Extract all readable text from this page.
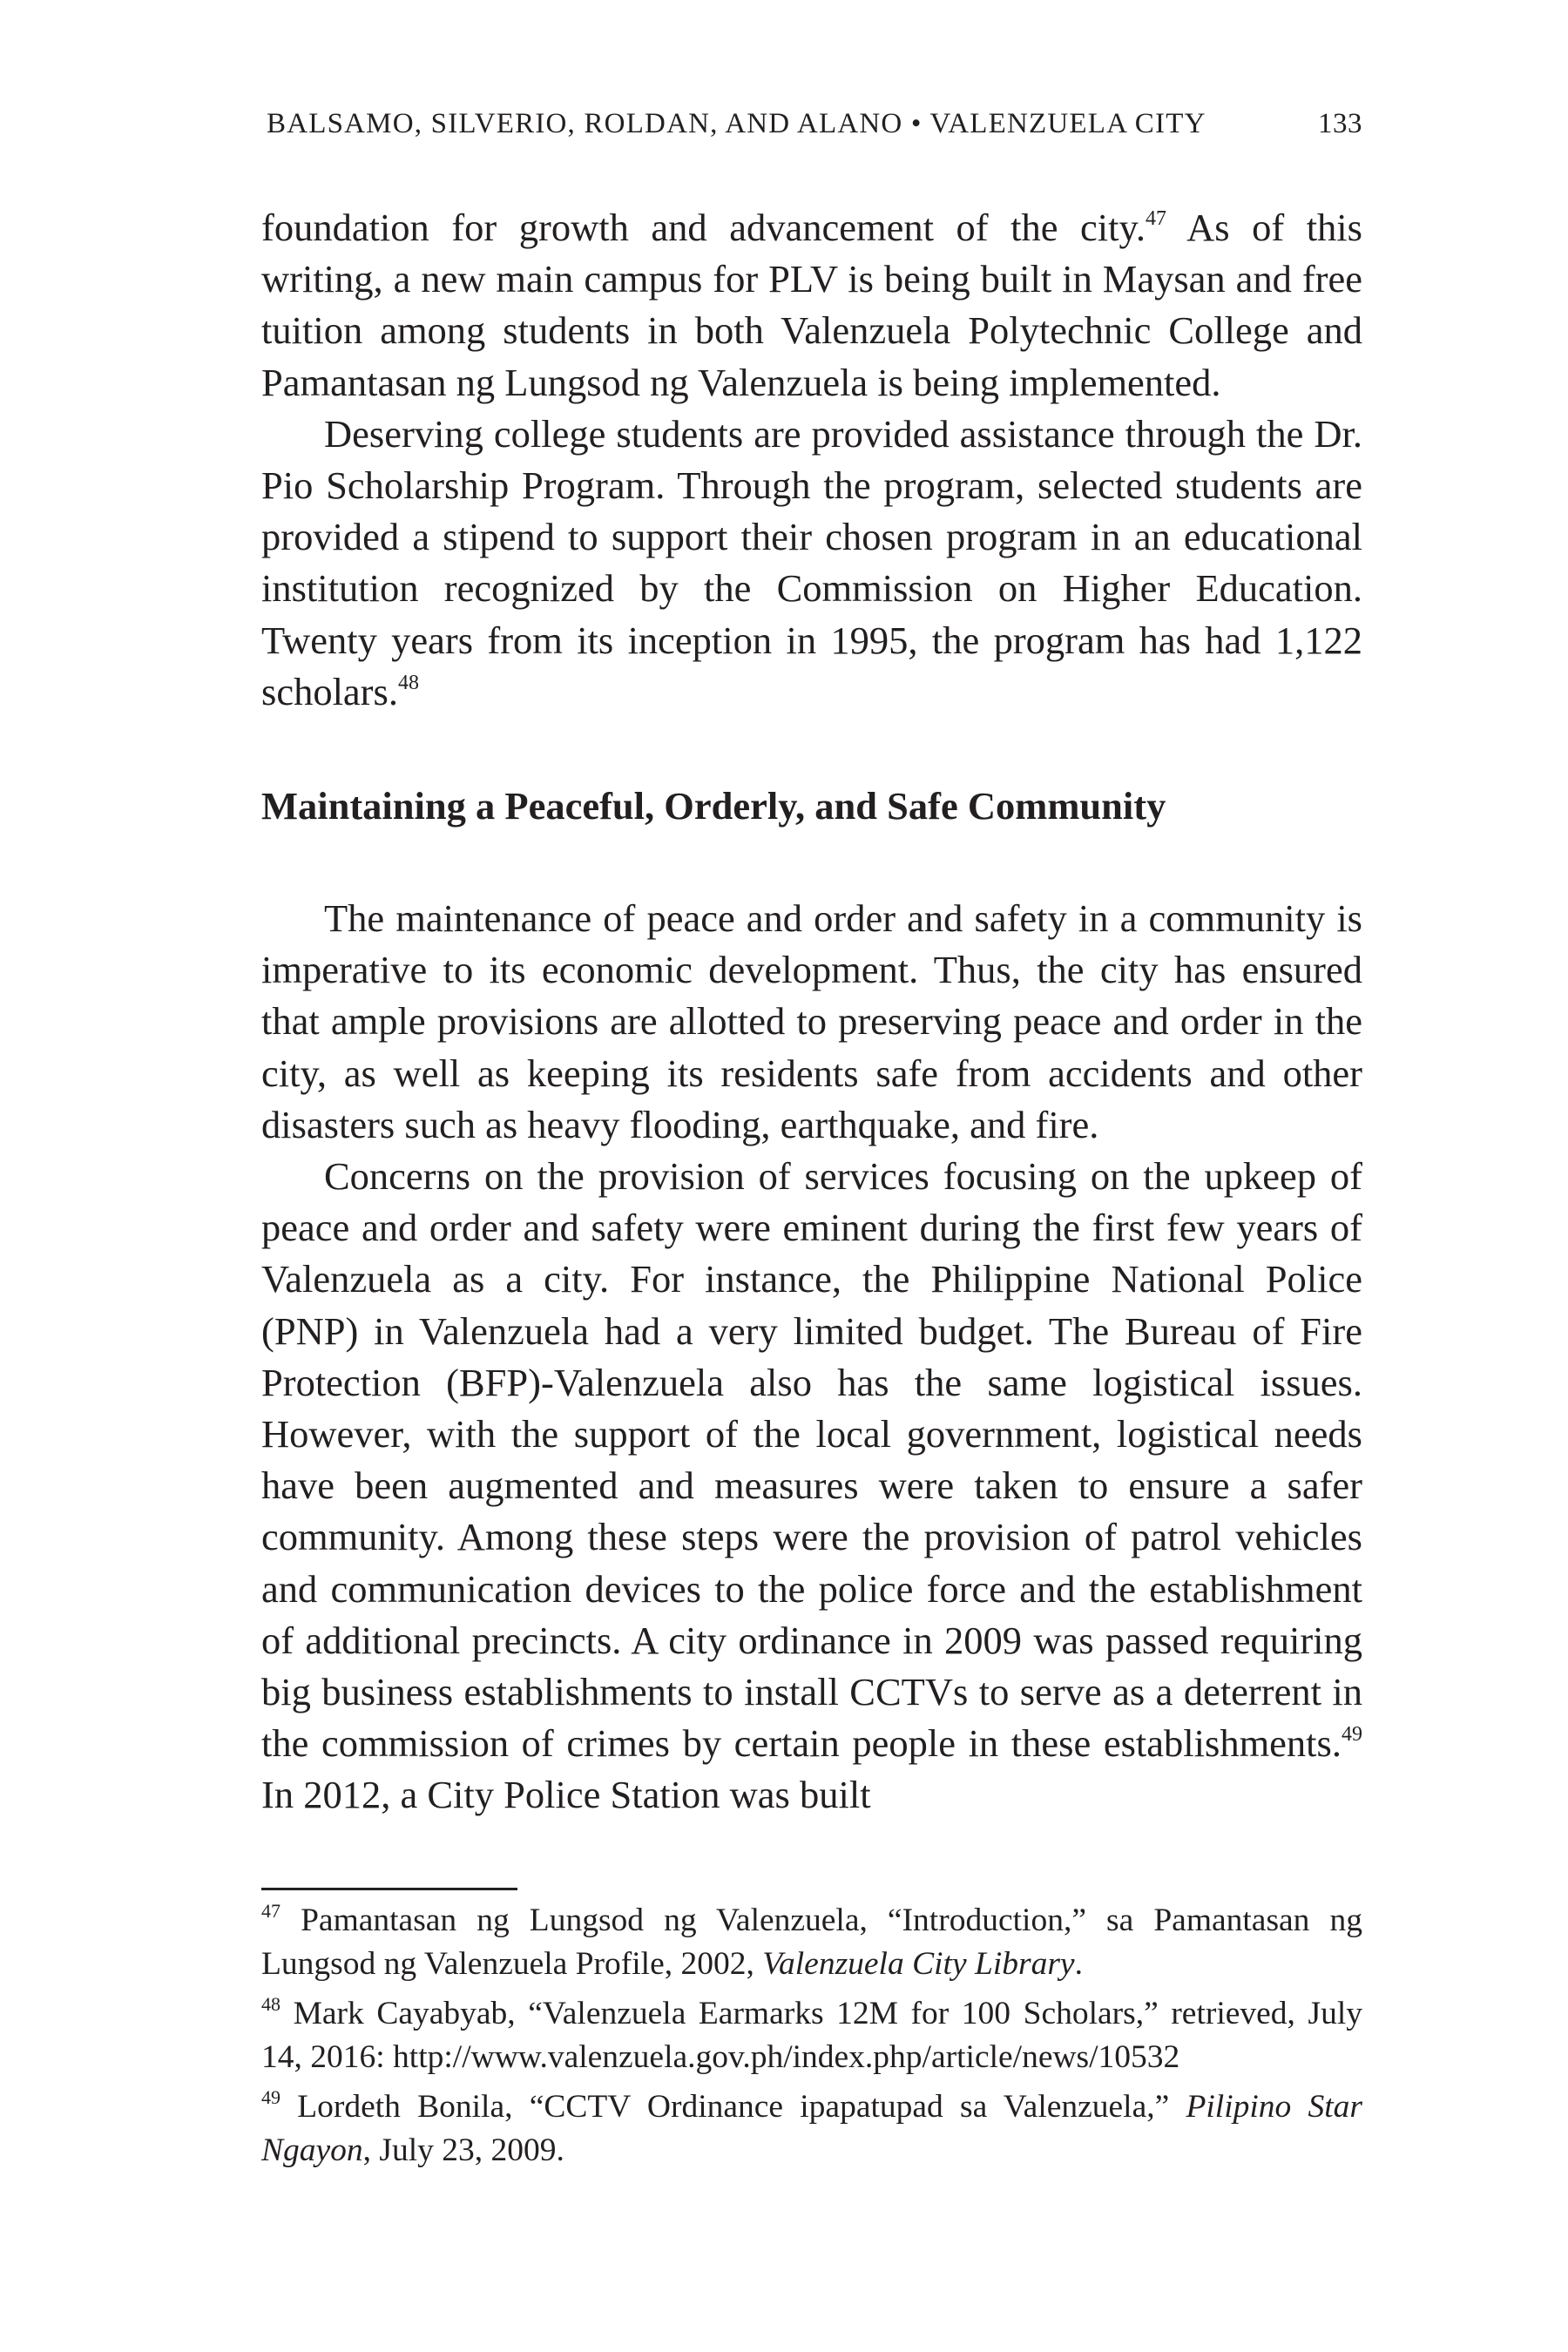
BALSAMO, SILVERIO, ROLDAN, AND ALANO • VALENZUELA CITY	133

foundation for growth and advancement of the city.$^{47}$ As of this writing, a new main campus for PLV is being built in Maysan and free tuition among students in both Valenzuela Polytechnic College and Pamantasan ng Lungsod ng Valenzuela is being implemented.

Deserving college students are provided assistance through the Dr. Pio Scholarship Program. Through the program, selected students are provided a stipend to support their chosen program in an educational institution recognized by the Commission on Higher Education. Twenty years from its inception in 1995, the program has had 1,122 scholars.$^{48}$

Maintaining a Peaceful, Orderly, and Safe Community

The maintenance of peace and order and safety in a community is imperative to its economic development. Thus, the city has ensured that ample provisions are allotted to preserving peace and order in the city, as well as keeping its residents safe from accidents and other disasters such as heavy flooding, earthquake, and fire.

Concerns on the provision of services focusing on the upkeep of peace and order and safety were eminent during the first few years of Valenzuela as a city. For instance, the Philippine National Police (PNP) in Valenzuela had a very limited budget. The Bureau of Fire Protection (BFP)-Valenzuela also has the same logistical issues. However, with the support of the local government, logistical needs have been augmented and measures were taken to ensure a safer community. Among these steps were the provision of patrol vehicles and communication devices to the police force and the establishment of additional precincts. A city ordinance in 2009 was passed requiring big business establishments to install CCTVs to serve as a deterrent in the commission of crimes by certain people in these establishments.$^{49}$ In 2012, a City Police Station was built

$^{47}$ Pamantasan ng Lungsod ng Valenzuela, “Introduction,” sa Pamantasan ng Lungsod ng Valenzuela Profile, 2002, Valenzuela City Library.

$^{48}$ Mark Cayabyab, “Valenzuela Earmarks 12M for 100 Scholars,” retrieved, July 14, 2016: http://www.valenzuela.gov.ph/index.php/article/news/10532

$^{49}$ Lordeth Bonila, “CCTV Ordinance ipapatupad sa Valenzuela,” Pilipino Star Ngayon, July 23, 2009.
